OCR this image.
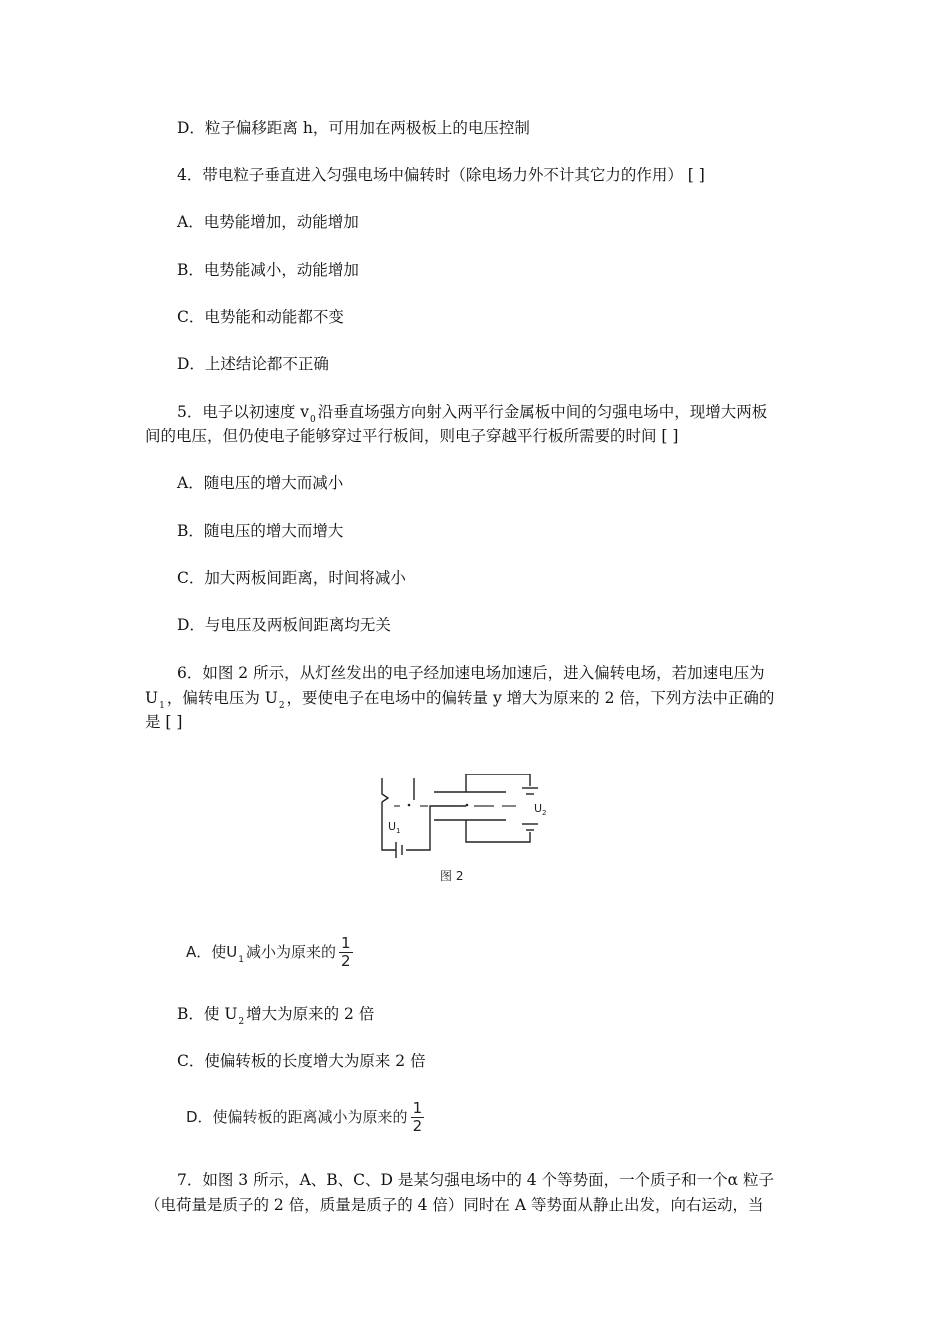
D．粒子偏移距离 h，可用加在两极板上的电压控制
4．带电粒子垂直进入匀强电场中偏转时（除电场力外不计其它力的作用） [ ]
A．电势能增加，动能增加
B．电势能减小，动能增加
C．电势能和动能都不变
D．上述结论都不正确
5．电子以初速度 $v_0$ 沿垂直场强方向射入两平行金属板中间的匀强电场中，现增大两板
间的电压，但仍使电子能够穿过平行板间，则电子穿越平行板所需要的时间 [ ]
A．随电压的增大而减小
B．随电压的增大而增大
C．加大两板间距离，时间将减小
D．与电压及两板间距离均无关
6．如图 2 所示，从灯丝发出的电子经加速电场加速后，进入偏转电场，若加速电压为
$U_1$ ，偏转电压为 $U_2$ ，要使电子在电场中的偏转量 y 增大为原来的 2 倍，下列方法中正确的
是 [ ]
U 1
U 2
图 2
A．使$U_1$ 减小为原来的 $\frac{1}{2}$
B．使 $U_2$ 增大为原来的 2 倍
C．使偏转板的长度增大为原来 2 倍
D．使偏转板的距离减小为原来的 $\frac{1}{2}$
7．如图 3 所示，A、B、C、D 是某匀强电场中的 4 个等势面，一个质子和一个α 粒子
（电荷量是质子的 2 倍，质量是质子的 4 倍）同时在 A 等势面从静止出发，向右运动，当
